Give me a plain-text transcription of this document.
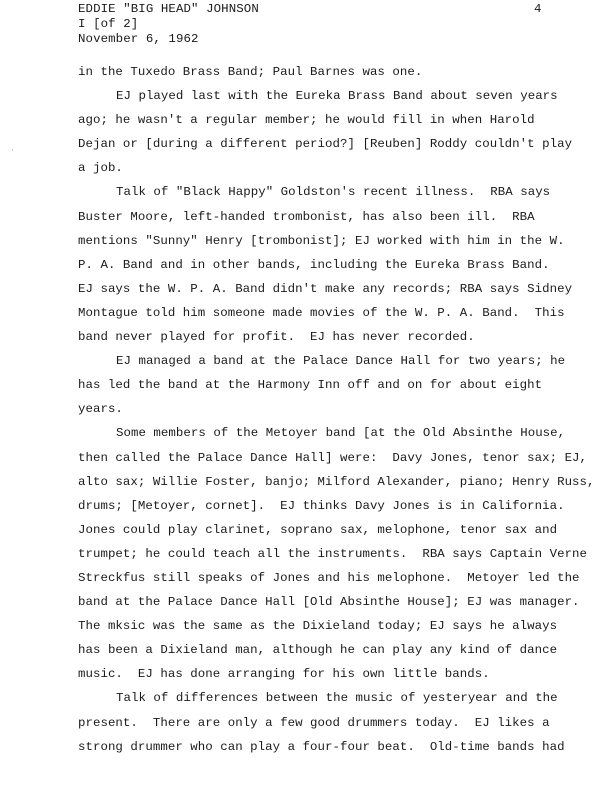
EDDIE "BIG HEAD" JOHNSON
I [of 2]
November 6, 1962
4
·
in the Tuxedo Brass Band; Paul Barnes was one.
EJ played last with the Eureka Brass Band about seven years
ago; he wasn't a regular member; he would fill in when Harold
Dejan or [during a different period?] [Reuben] Roddy couldn't play
a job.
Talk of "Black Happy" Goldston's recent illness.  RBA says
Buster Moore, left-handed trombonist, has also been ill.  RBA
mentions "Sunny" Henry [trombonist]; EJ worked with him in the W.
P. A. Band and in other bands, including the Eureka Brass Band.
EJ says the W. P. A. Band didn't make any records; RBA says Sidney
Montague told him someone made movies of the W. P. A. Band.  This
band never played for profit.  EJ has never recorded.
EJ managed a band at the Palace Dance Hall for two years; he
has led the band at the Harmony Inn off and on for about eight
years.
Some members of the Metoyer band [at the Old Absinthe House,
then called the Palace Dance Hall] were:  Davy Jones, tenor sax; EJ,
alto sax; Willie Foster, banjo; Milford Alexander, piano; Henry Russ,
drums; [Metoyer, cornet].  EJ thinks Davy Jones is in California.
Jones could play clarinet, soprano sax, melophone, tenor sax and
trumpet; he could teach all the instruments.  RBA says Captain Verne
Streckfus still speaks of Jones and his melophone.  Metoyer led the
band at the Palace Dance Hall [Old Absinthe House]; EJ was manager.
The mksic was the same as the Dixieland today; EJ says he always
has been a Dixieland man, although he can play any kind of dance
music.  EJ has done arranging for his own little bands.
Talk of differences between the music of yesteryear and the
present.  There are only a few good drummers today.  EJ likes a
strong drummer who can play a four-four beat.  Old-time bands had
